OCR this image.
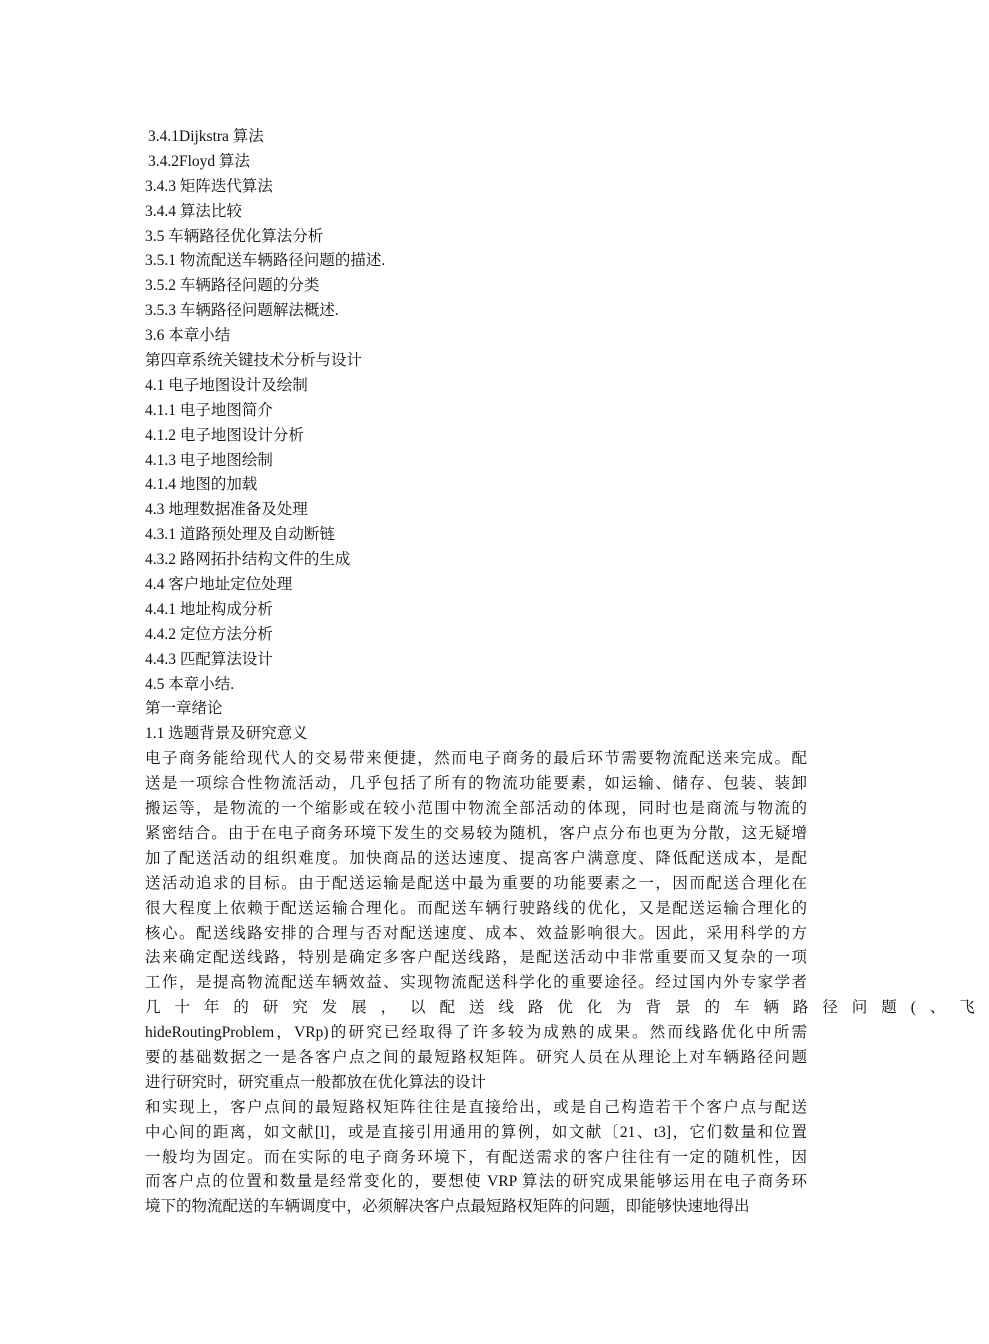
3.4.1Dijkstra 算法
3.4.2Floyd 算法
3.4.3 矩阵迭代算法
3.4.4 算法比较
3.5 车辆路径优化算法分析
3.5.1 物流配送车辆路径问题的描述.
3.5.2 车辆路径问题的分类
3.5.3 车辆路径问题解法概述.
3.6 本章小结
第四章系统关键技术分析与设计
4.1 电子地图设计及绘制
4.1.1 电子地图简介
4.1.2 电子地图设计分析
4.1.3 电子地图绘制
4.1.4 地图的加载
4.3 地理数据准备及处理
4.3.1 道路预处理及自动断链
4.3.2 路网拓扑结构文件的生成
4.4 客户地址定位处理
4.4.1 地址构成分析
4.4.2 定位方法分析
4.4.3 匹配算法设计
4.5 本章小结.
第一章绪论
1.1 选题背景及研究意义

电子商务能给现代人的交易带来便捷，然而电子商务的最后环节需要物流配送来完成。配
送是一项综合性物流活动，几乎包括了所有的物流功能要素，如运输、储存、包装、装卸
搬运等，是物流的一个缩影或在较小范围中物流全部活动的体现，同时也是商流与物流的
紧密结合。由于在电子商务环境下发生的交易较为随机，客户点分布也更为分散，这无疑增
加了配送活动的组织难度。加快商品的送达速度、提高客户满意度、降低配送成本，是配
送活动追求的目标。由于配送运输是配送中最为重要的功能要素之一，因而配送合理化在
很大程度上依赖于配送运输合理化。而配送车辆行驶路线的优化，又是配送运输合理化的
核心。配送线路安排的合理与否对配送速度、成本、效益影响很大。因此，采用科学的方
法来确定配送线路，特别是确定多客户配送线路，是配送活动中非常重要而又复杂的一项
工作，是提高物流配送车辆效益、实现物流配送科学化的重要途径。经过国内外专家学者
几十年的研究发展，以配送线路优化为背景的车辆路径问题(、飞
hideRoutingProblem，VRp)的研究已经取得了许多较为成熟的成果。然而线路优化中所需
要的基础数据之一是各客户点之间的最短路权矩阵。研究人员在从理论上对车辆路径问题
进行研究时，研究重点一般都放在优化算法的设计

和实现上，客户点间的最短路权矩阵往往是直接给出，或是自己构造若干个客户点与配送
中心间的距离，如文献[l]，或是直接引用通用的算例，如文献〔21、t3]，它们数量和位置
一般均为固定。而在实际的电子商务环境下，有配送需求的客户往往有一定的随机性，因
而客户点的位置和数量是经常变化的，要想使 VRP 算法的研究成果能够运用在电子商务环
境下的物流配送的车辆调度中，必须解决客户点最短路权矩阵的问题，即能够快速地得出
